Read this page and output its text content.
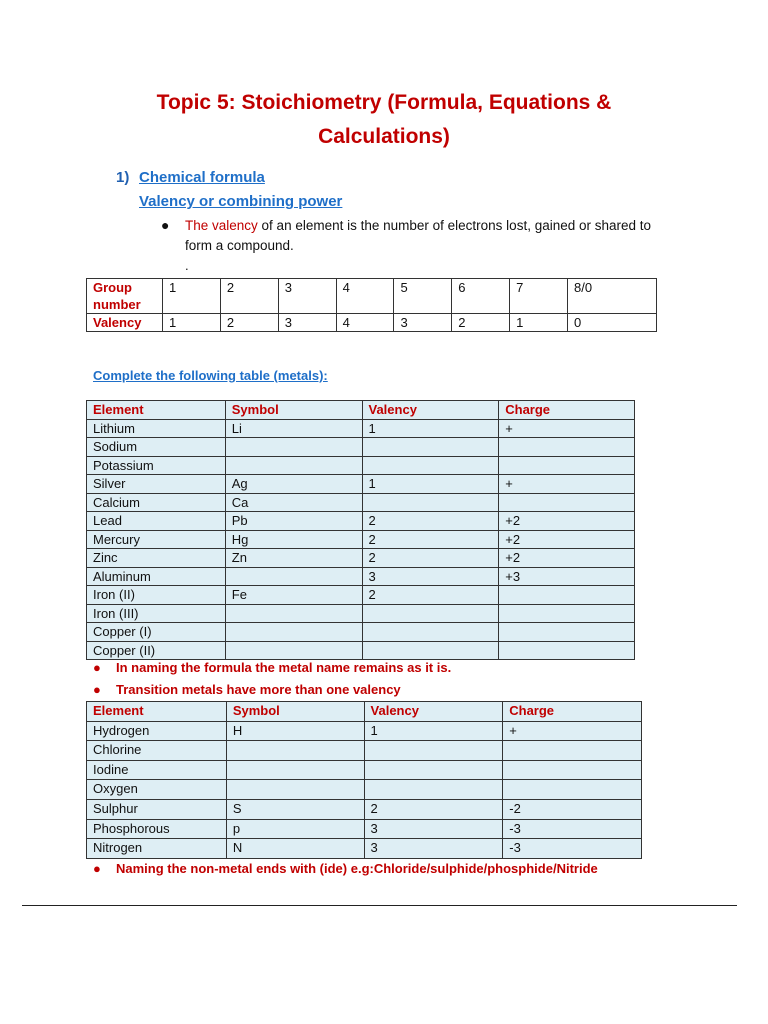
Topic 5: Stoichiometry (Formula, Equations & Calculations)
1) Chemical formula
Valency or combining power
● The valency of an element is the number of electrons lost, gained or shared to form a compound.
.
Group number	1	2	3	4	5	6	7	8/0
Valency	1	2	3	4	3	2	1	0
Complete the following table (metals):
Element	Symbol	Valency	Charge
Lithium	Li	1	+
Sodium			
Potassium			
Silver	Ag	1	+
Calcium	Ca		
Lead	Pb	2	+2
Mercury	Hg	2	+2
Zinc	Zn	2	+2
Aluminum		3	+3
Iron (II)	Fe	2	
Iron (III)			
Copper (I)			
Copper (II)			
● In naming the formula the metal name remains as it is.
● Transition metals have more than one valency
Element	Symbol	Valency	Charge
Hydrogen	H	1	+
Chlorine			
Iodine			
Oxygen			
Sulphur	S	2	-2
Phosphorous	p	3	-3
Nitrogen	N	3	-3
● Naming the non-metal ends with (ide) e.g:Chloride/sulphide/phosphide/Nitride
